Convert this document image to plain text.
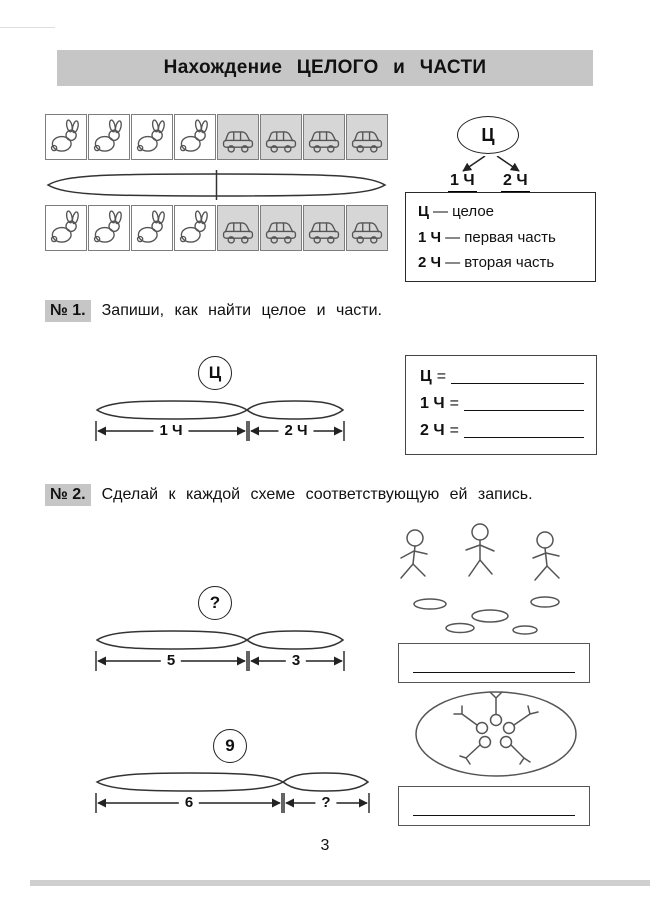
Нахождение ЦЕЛОГО и ЧАСТИ
Ц
1 Ч 2 Ч
Ц — целое
1 Ч — первая часть
2 Ч — вторая часть
№ 1.	Запиши, как найти целое и части.
Ц
1 Ч	2 Ч
Ц =
1 Ч =
2 Ч =
№ 2.	Сделай к каждой схеме соответствующую ей запись.
?
5	3
9
6	?
3
